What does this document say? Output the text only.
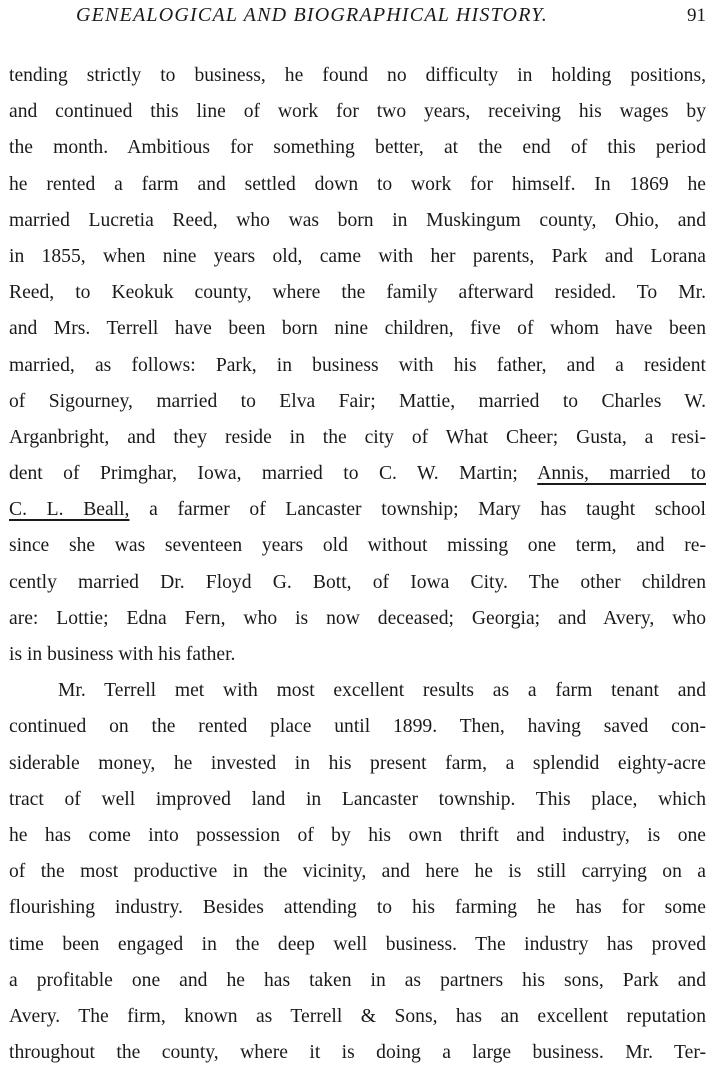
GENEALOGICAL AND BIOGRAPHICAL HISTORY.	91
tending strictly to business, he found no difficulty in holding positions,
and continued this line of work for two years, receiving his wages by
the month. Ambitious for something better, at the end of this period
he rented a farm and settled down to work for himself. In 1869 he
married Lucretia Reed, who was born in Muskingum county, Ohio, and
in 1855, when nine years old, came with her parents, Park and Lorana
Reed, to Keokuk county, where the family afterward resided. To Mr.
and Mrs. Terrell have been born nine children, five of whom have been
married, as follows: Park, in business with his father, and a resident
of Sigourney, married to Elva Fair; Mattie, married to Charles W.
Arganbright, and they reside in the city of What Cheer; Gusta, a resi-
dent of Primghar, Iowa, married to C. W. Martin; Annis, married to
C. L. Beall, a farmer of Lancaster township; Mary has taught school
since she was seventeen years old without missing one term, and re-
cently married Dr. Floyd G. Bott, of Iowa City. The other children
are: Lottie; Edna Fern, who is now deceased; Georgia; and Avery, who
is in business with his father.
Mr. Terrell met with most excellent results as a farm tenant and
continued on the rented place until 1899. Then, having saved con-
siderable money, he invested in his present farm, a splendid eighty-acre
tract of well improved land in Lancaster township. This place, which
he has come into possession of by his own thrift and industry, is one
of the most productive in the vicinity, and here he is still carrying on a
flourishing industry. Besides attending to his farming he has for some
time been engaged in the deep well business. The industry has proved
a profitable one and he has taken in as partners his sons, Park and
Avery. The firm, known as Terrell & Sons, has an excellent reputation
throughout the county, where it is doing a large business. Mr. Ter-
